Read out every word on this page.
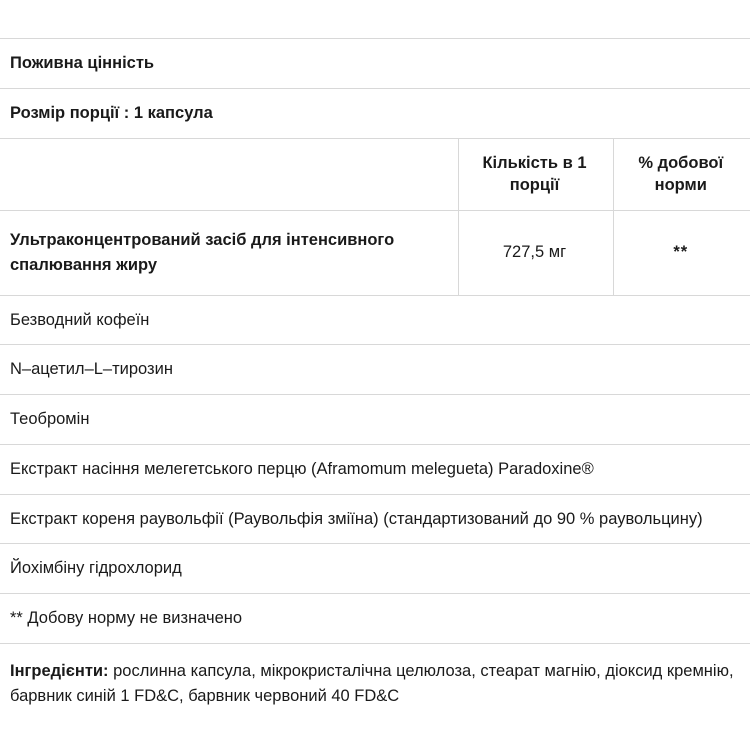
Поживна цінність		
Розмір порції : 1 капсула		
	Кількість в 1 порції	% добової норми
Ультраконцентрований засіб для інтенсивного спалювання жиру	727,5 мг	**
Безводний кофеїн		
N–ацетил–L–тирозин		
Теобромін		
Екстракт насіння мелегетського перцю (Aframomum melegueta) Paradoxine®		
Екстракт кореня раувольфії (Раувольфія зміїна) (стандартизований до 90 % раувольцину)		
Йохімбіну гідрохлорид		
** Добову норму не визначено		
Інгредієнти: рослинна капсула, мікрокристалічна целюлоза, стеарат магнію, діоксид кремнію, барвник синій 1 FD&C, барвник червоний 40 FD&C
